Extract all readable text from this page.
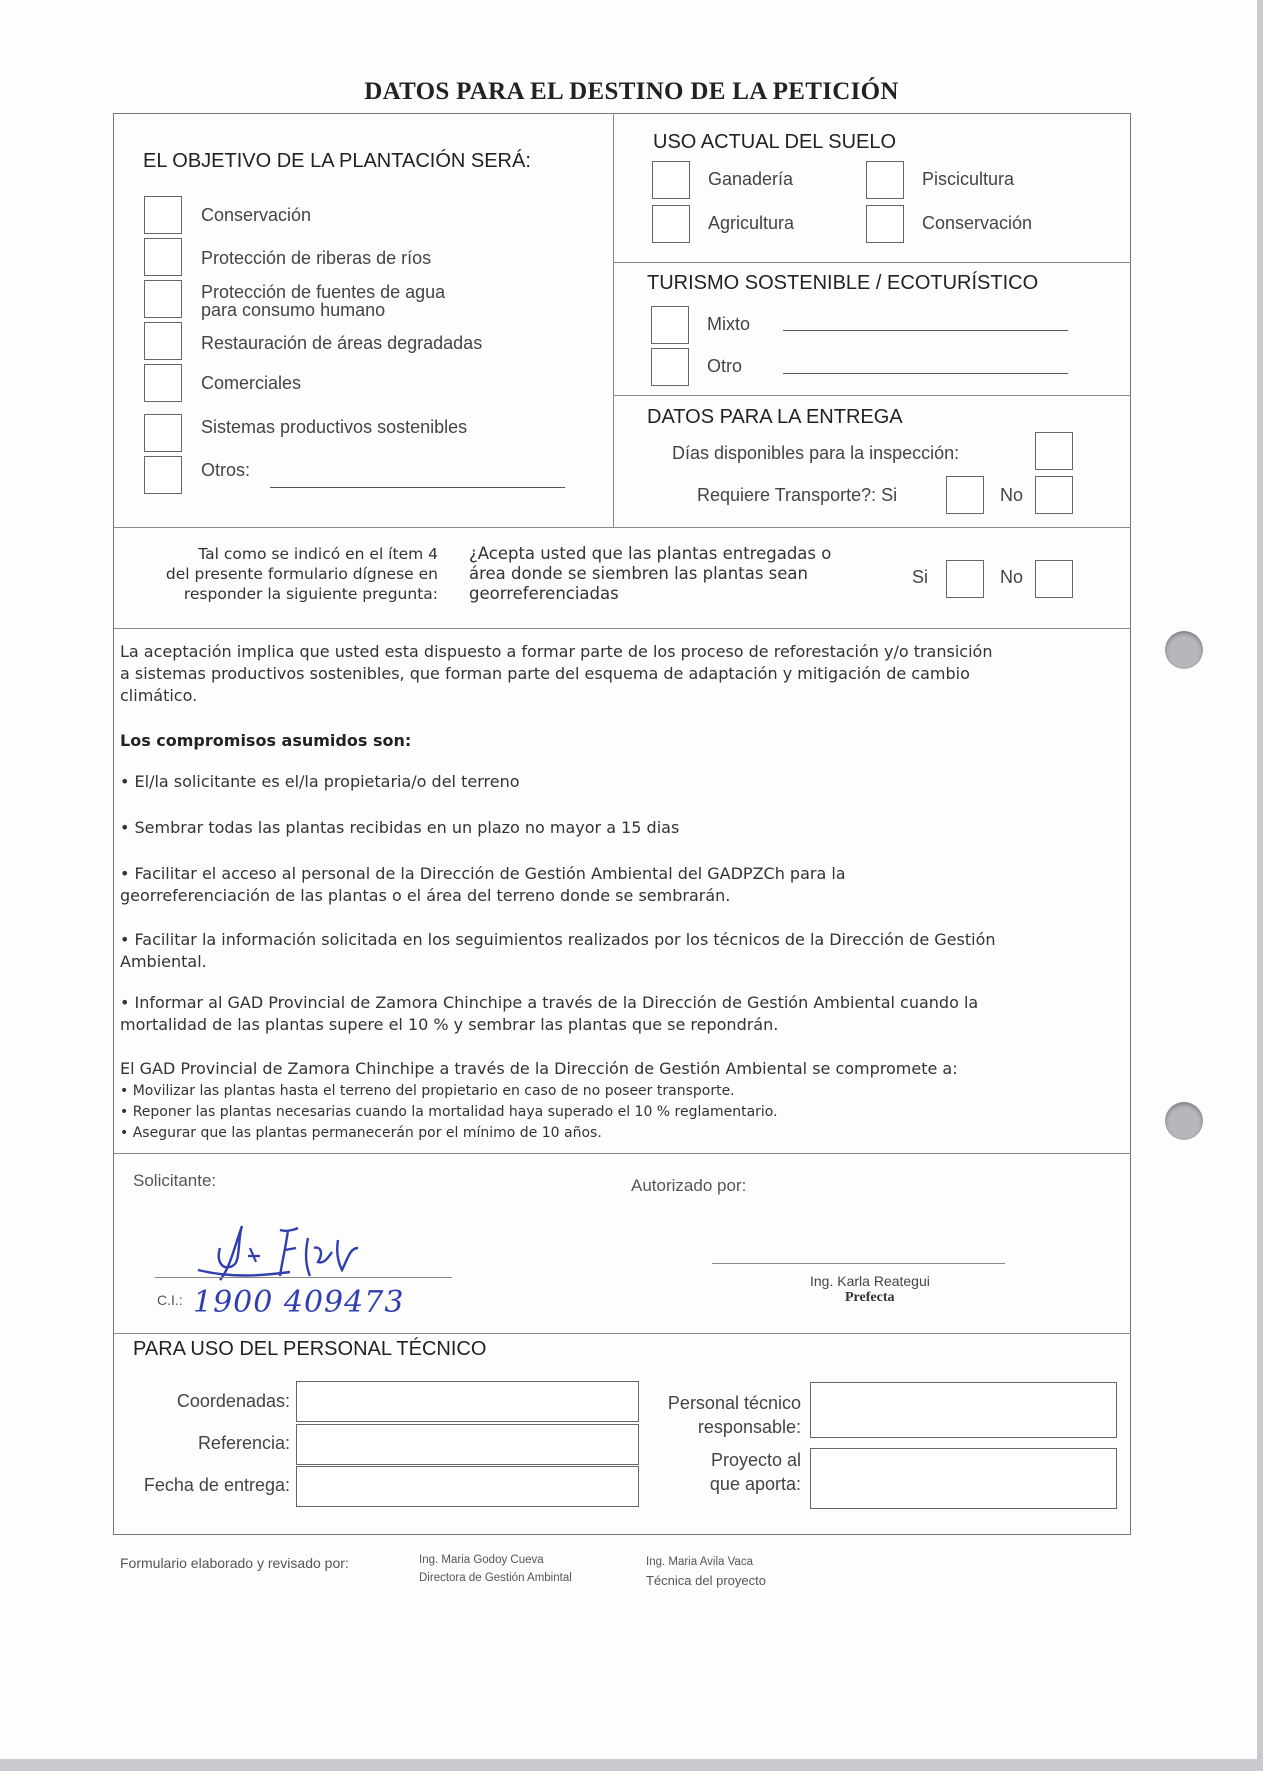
DATOS PARA EL DESTINO DE LA PETICIÓN
EL OBJETIVO DE LA PLANTACIÓN SERÁ:
Conservación
Protección de riberas de ríos
Protección de fuentes de agua
para consumo humano
Restauración de áreas degradadas
Comerciales
Sistemas productivos sostenibles
Otros:
USO ACTUAL DEL SUELO
Ganadería	Piscicultura
Agricultura	Conservación
TURISMO SOSTENIBLE / ECOTURÍSTICO
Mixto
Otro
DATOS PARA LA ENTREGA
Días disponibles para la inspección:
Requiere Transporte?: Si	No
Tal como se indicó en el ítem 4
del presente formulario dígnese en
responder la siguiente pregunta:
¿Acepta usted que las plantas entregadas o
área donde se siembren las plantas sean
georreferenciadas
Si	No
La aceptación implica que usted esta dispuesto a formar parte de los proceso de reforestación y/o transición
a sistemas productivos sostenibles, que forman parte del esquema de adaptación y mitigación de cambio
climático.
Los compromisos asumidos son:
• El/la solicitante es el/la propietaria/o del terreno
• Sembrar todas las plantas recibidas en un plazo no mayor a 15 dias
• Facilitar el acceso al personal de la Dirección de Gestión Ambiental del GADPZCh para la
georreferenciación de las plantas o el área del terreno donde se sembrarán.
• Facilitar la información solicitada en los seguimientos realizados por los técnicos de la Dirección de Gestión
Ambiental.
• Informar al GAD Provincial de Zamora Chinchipe a través de la Dirección de Gestión Ambiental cuando la
mortalidad de las plantas supere el 10 % y sembrar las plantas que se repondrán.
El GAD Provincial de Zamora Chinchipe a través de la Dirección de Gestión Ambiental se compromete a:
• Movilizar las plantas hasta el terreno del propietario en caso de no poseer transporte.
• Reponer las plantas necesarias cuando la mortalidad haya superado el 10 % reglamentario.
• Asegurar que las plantas permanecerán por el mínimo de 10 años.
Solicitante:	Autorizado por:
C.I.: 1900 409473
Ing. Karla Reategui
Prefecta
PARA USO DEL PERSONAL TÉCNICO
Coordenadas:
Referencia:
Fecha de entrega:
Personal técnico
responsable:
Proyecto al
que aporta:
Formulario elaborado y revisado por:	Ing. Maria Godoy Cueva
Directora de Gestión Ambintal
Ing. Maria Avila Vaca
Técnica del proyecto
